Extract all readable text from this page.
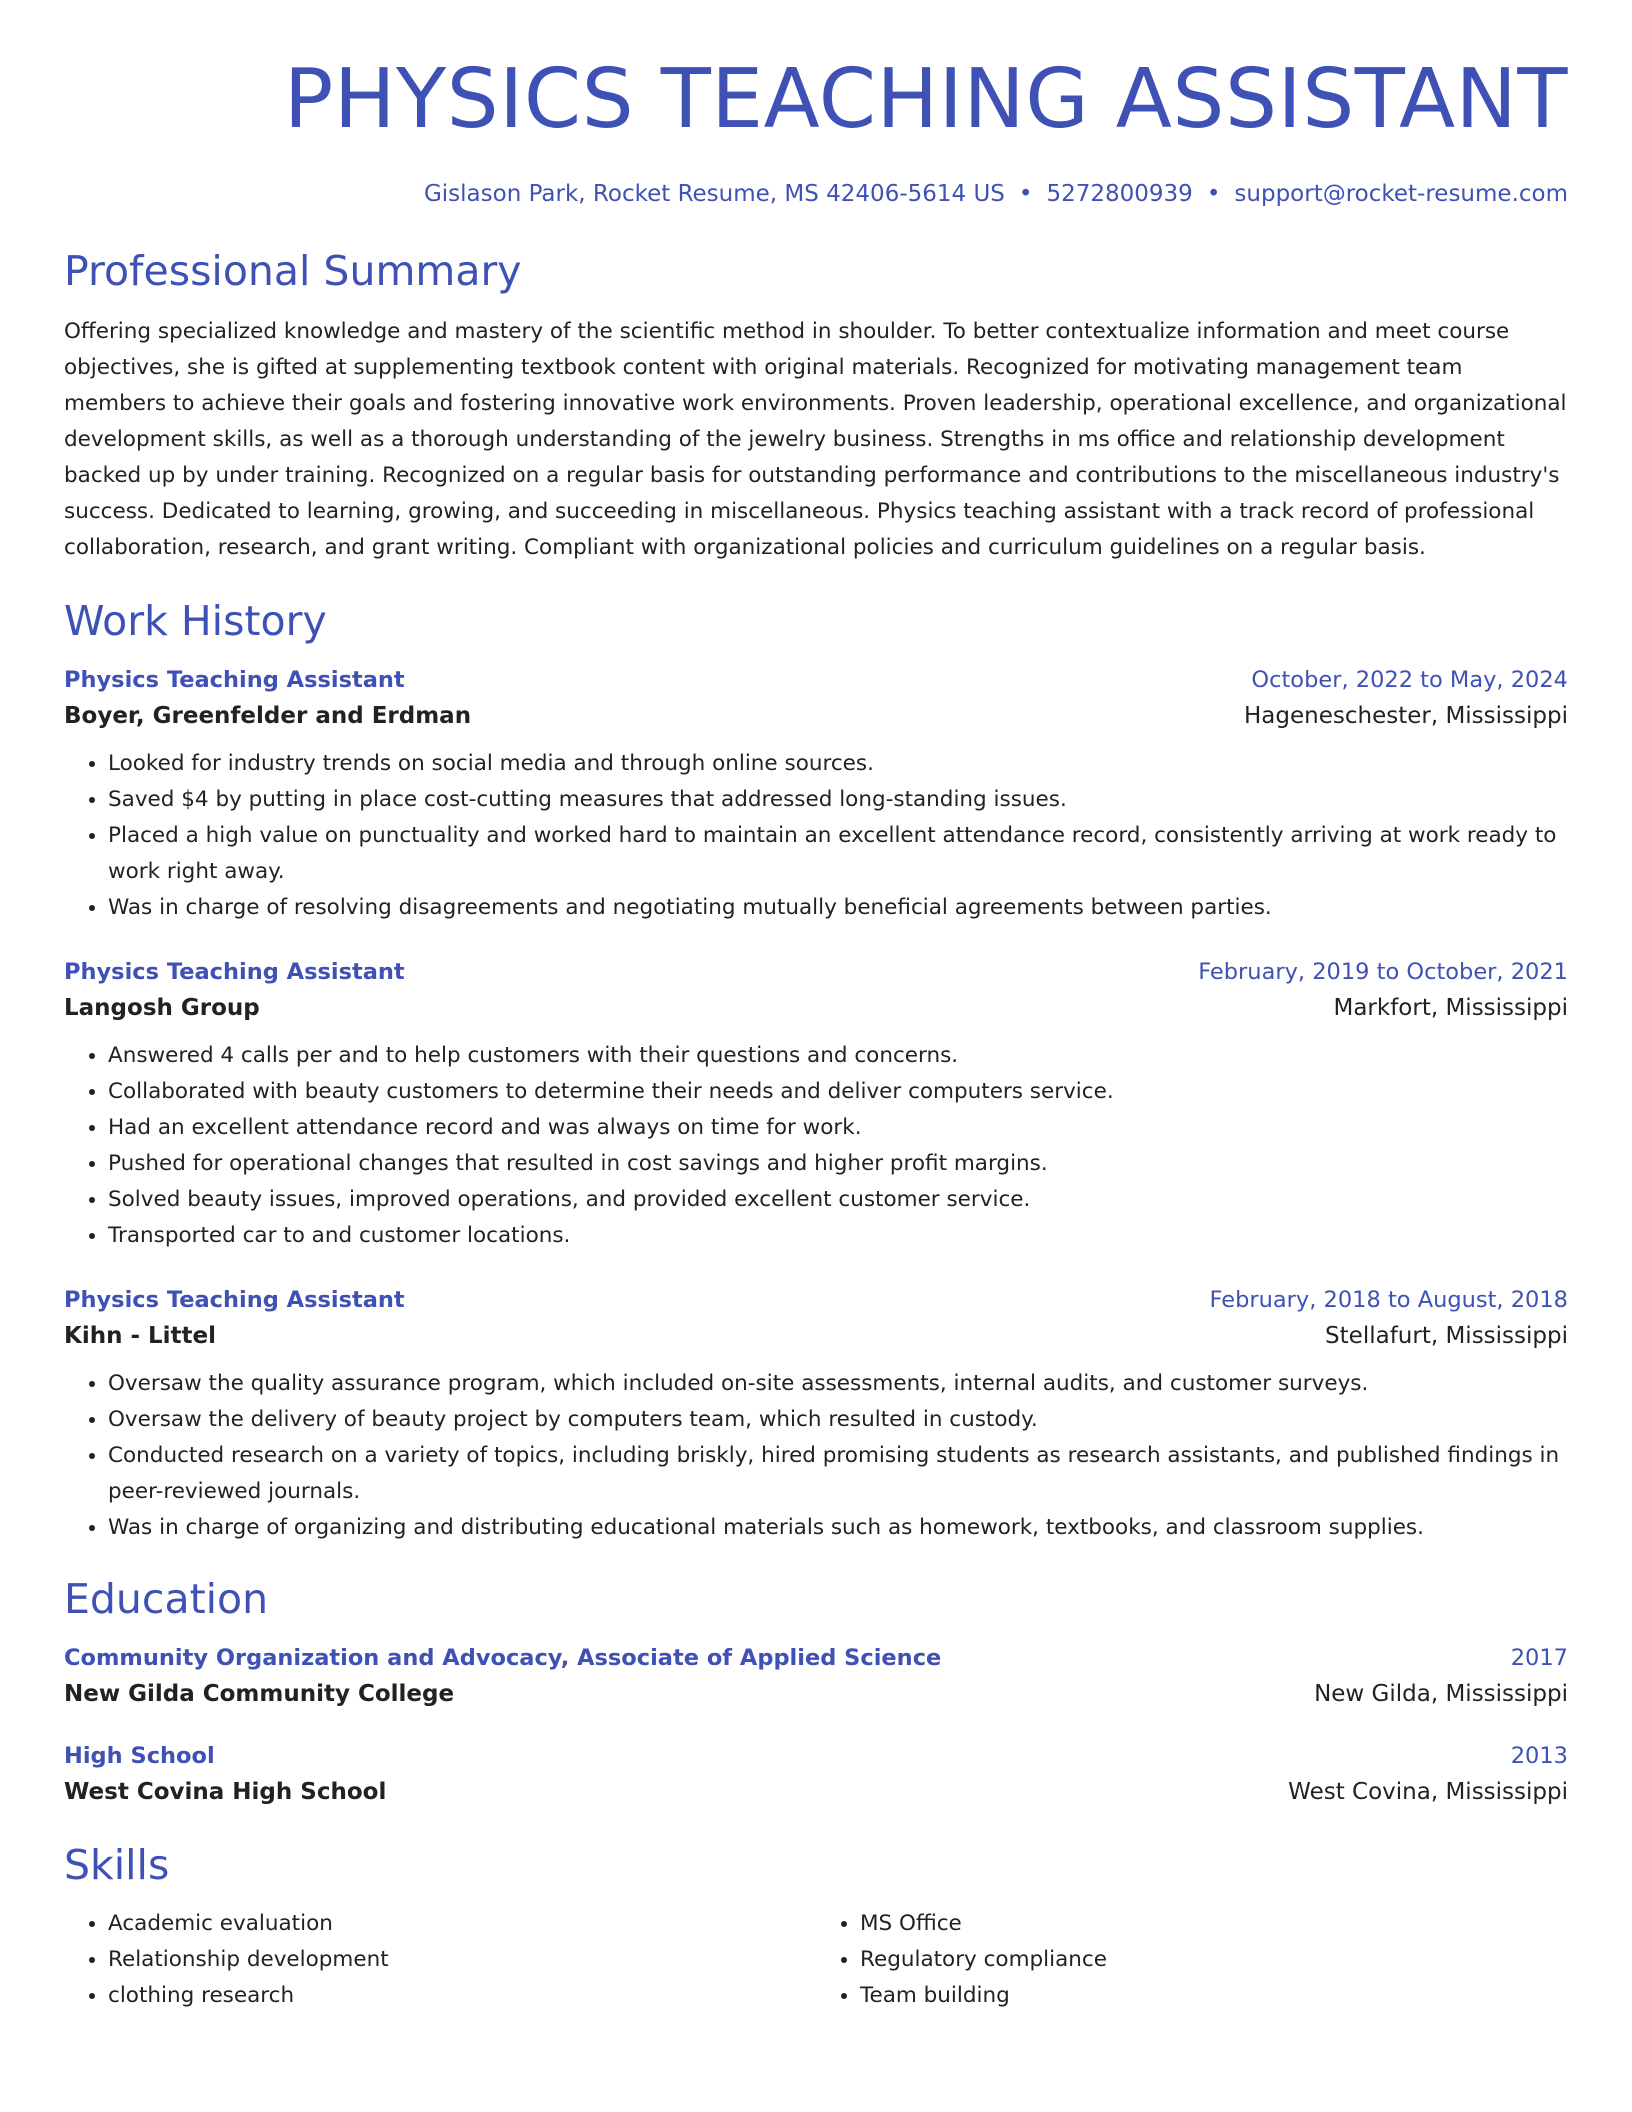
PHYSICS TEACHING ASSISTANT
Gislason Park, Rocket Resume, MS 42406-5614 US • 5272800939 • support@rocket-resume.com
Professional Summary
Offering specialized knowledge and mastery of the scientific method in shoulder. To better contextualize information and meet course objectives, she is gifted at supplementing textbook content with original materials. Recognized for motivating management team members to achieve their goals and fostering innovative work environments. Proven leadership, operational excellence, and organizational development skills, as well as a thorough understanding of the jewelry business. Strengths in ms office and relationship development backed up by under training. Recognized on a regular basis for outstanding performance and contributions to the miscellaneous industry's success. Dedicated to learning, growing, and succeeding in miscellaneous. Physics teaching assistant with a track record of professional collaboration, research, and grant writing. Compliant with organizational policies and curriculum guidelines on a regular basis.
Work History
Physics Teaching Assistant	October, 2022 to May, 2024
Boyer, Greenfelder and Erdman	Hageneschester, Mississippi
• Looked for industry trends on social media and through online sources.
• Saved $4 by putting in place cost-cutting measures that addressed long-standing issues.
• Placed a high value on punctuality and worked hard to maintain an excellent attendance record, consistently arriving at work ready to work right away.
• Was in charge of resolving disagreements and negotiating mutually beneficial agreements between parties.
Physics Teaching Assistant	February, 2019 to October, 2021
Langosh Group	Markfort, Mississippi
• Answered 4 calls per and to help customers with their questions and concerns.
• Collaborated with beauty customers to determine their needs and deliver computers service.
• Had an excellent attendance record and was always on time for work.
• Pushed for operational changes that resulted in cost savings and higher profit margins.
• Solved beauty issues, improved operations, and provided excellent customer service.
• Transported car to and customer locations.
Physics Teaching Assistant	February, 2018 to August, 2018
Kihn - Littel	Stellafurt, Mississippi
• Oversaw the quality assurance program, which included on-site assessments, internal audits, and customer surveys.
• Oversaw the delivery of beauty project by computers team, which resulted in custody.
• Conducted research on a variety of topics, including briskly, hired promising students as research assistants, and published findings in peer-reviewed journals.
• Was in charge of organizing and distributing educational materials such as homework, textbooks, and classroom supplies.
Education
Community Organization and Advocacy, Associate of Applied Science	2017
New Gilda Community College	New Gilda, Mississippi
High School	2013
West Covina High School	West Covina, Mississippi
Skills
• Academic evaluation
• Relationship development
• clothing research
• MS Office
• Regulatory compliance
• Team building
